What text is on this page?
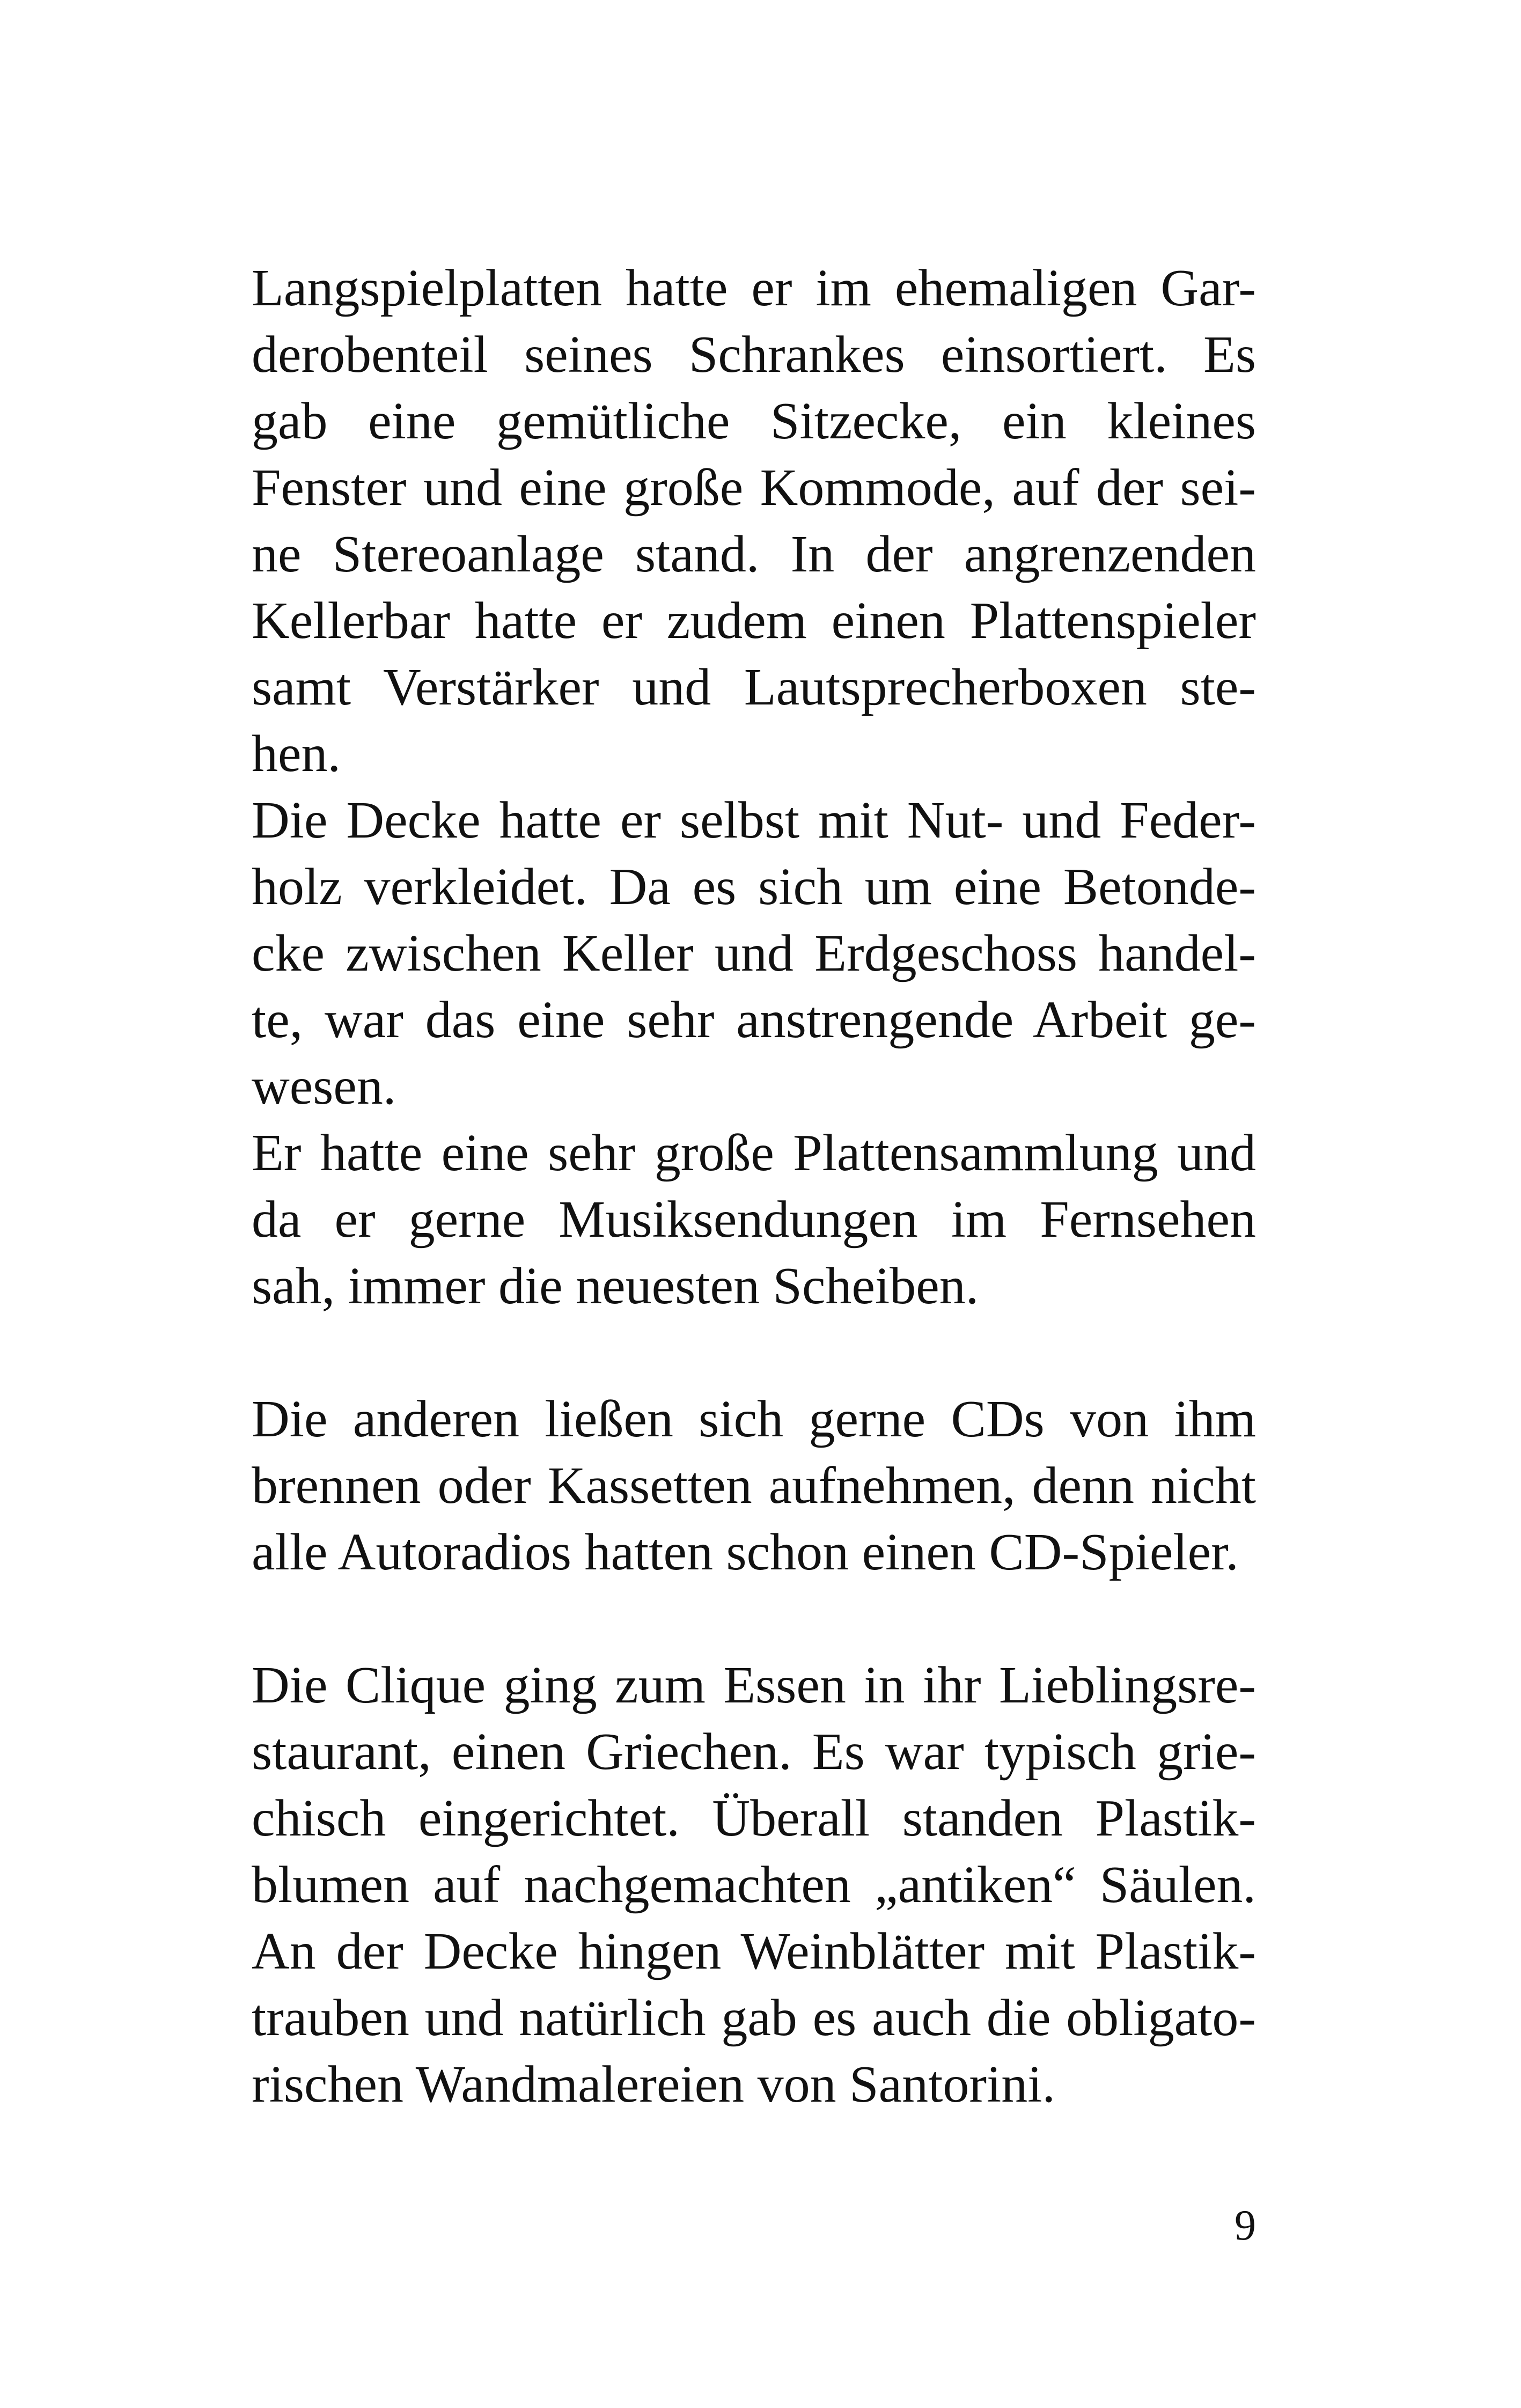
Langspielplatten hatte er im ehemaligen Gar-
derobenteil seines Schrankes einsortiert. Es
gab eine gemütliche Sitzecke, ein kleines
Fenster und eine große Kommode, auf der sei-
ne Stereoanlage stand. In der angrenzenden
Kellerbar hatte er zudem einen Plattenspieler
samt Verstärker und Lautsprecherboxen ste-
hen.
Die Decke hatte er selbst mit Nut- und Feder-
holz verkleidet. Da es sich um eine Betonde-
cke zwischen Keller und Erdgeschoss handel-
te, war das eine sehr anstrengende Arbeit ge-
wesen.
Er hatte eine sehr große Plattensammlung und
da er gerne Musiksendungen im Fernsehen
sah, immer die neuesten Scheiben.
Die anderen ließen sich gerne CDs von ihm
brennen oder Kassetten aufnehmen, denn nicht
alle Autoradios hatten schon einen CD-Spieler.
Die Clique ging zum Essen in ihr Lieblingsre-
staurant, einen Griechen. Es war typisch grie-
chisch eingerichtet. Überall standen Plastik-
blumen auf nachgemachten „antiken“ Säulen.
An der Decke hingen Weinblätter mit Plastik-
trauben und natürlich gab es auch die obligato-
rischen Wandmalereien von Santorini.
9
